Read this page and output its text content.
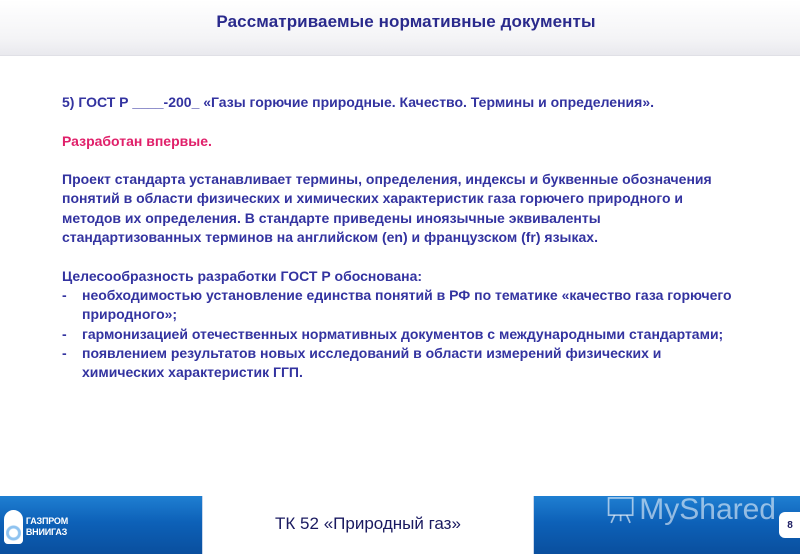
Рассматриваемые нормативные документы
5) ГОСТ Р ____-200_ «Газы горючие природные. Качество. Термины и определения».
Разработан впервые.
Проект стандарта устанавливает термины, определения, индексы и буквенные обозначения понятий в области физических и химических характеристик газа горючего природного и методов их определения. В стандарте приведены иноязычные эквиваленты стандартизованных терминов на английском (en) и французском (fr) языках.
Целесообразность разработки ГОСТ Р обоснована:
-	необходимостью установление единства понятий в РФ по тематике «качество газа горючего природного»;
-	гармонизацией отечественных нормативных документов с международными стандартами;
-	появлением результатов новых исследований в области измерений физических и химических характеристик ГГП.
ТК 52 «Природный газ»
ГАЗПРОМ
ВНИИГАЗ
MyShared	8
